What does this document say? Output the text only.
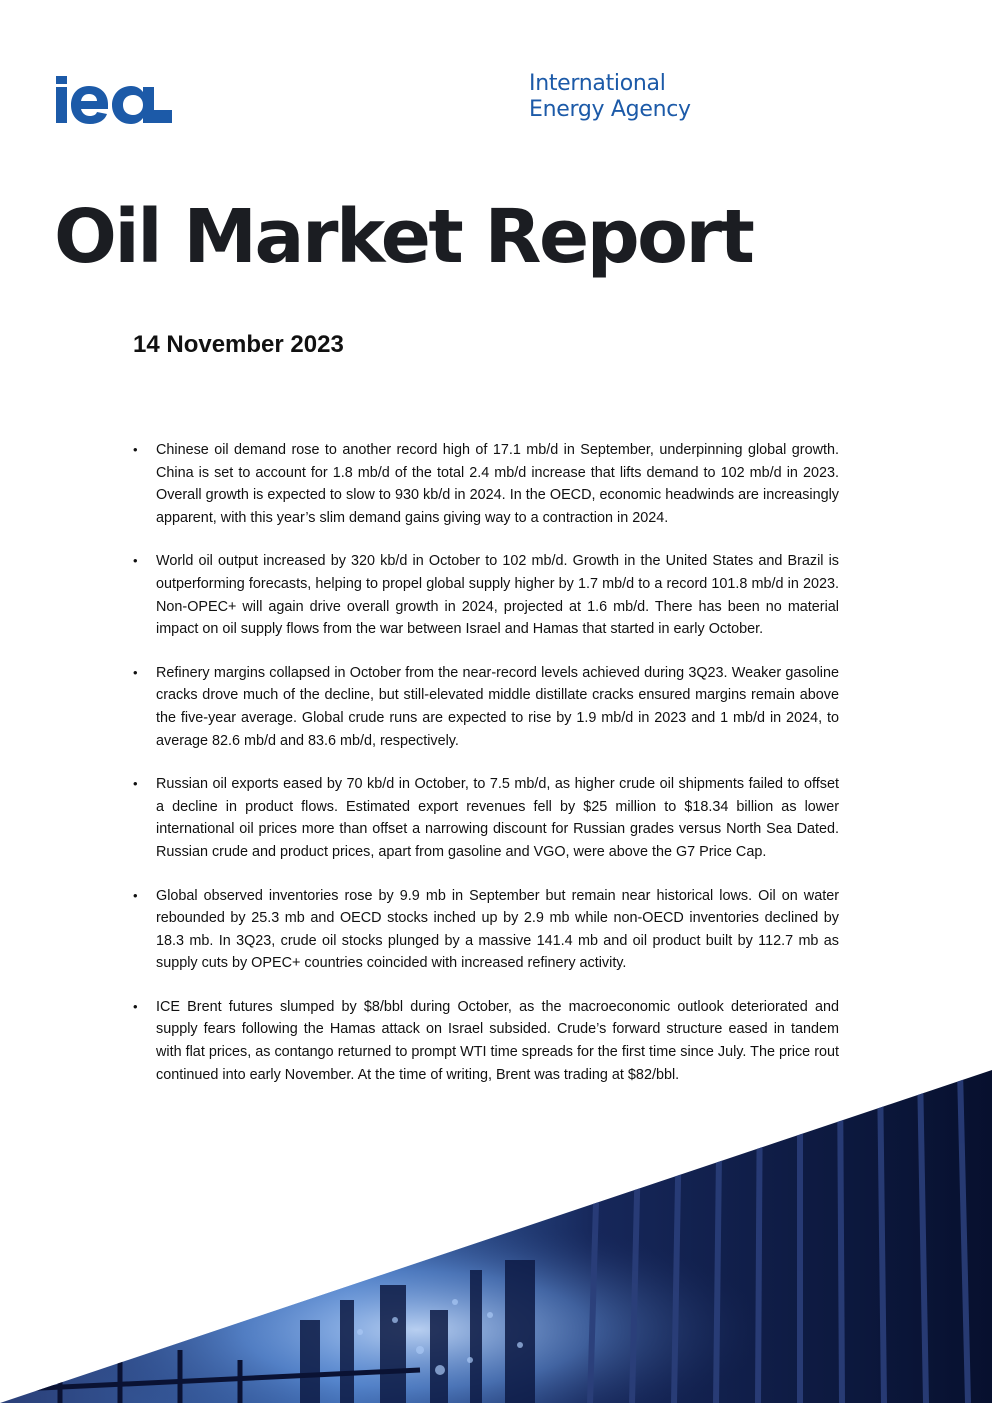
International
Energy Agency
Oil Market Report
14 November 2023
• Chinese oil demand rose to another record high of 17.1 mb/d in September, underpinning global growth. China is set to account for 1.8 mb/d of the total 2.4 mb/d increase that lifts demand to 102 mb/d in 2023. Overall growth is expected to slow to 930 kb/d in 2024. In the OECD, economic headwinds are increasingly apparent, with this year’s slim demand gains giving way to a contraction in 2024.
• World oil output increased by 320 kb/d in October to 102 mb/d. Growth in the United States and Brazil is outperforming forecasts, helping to propel global supply higher by 1.7 mb/d to a record 101.8 mb/d in 2023. Non-OPEC+ will again drive overall growth in 2024, projected at 1.6 mb/d. There has been no material impact on oil supply flows from the war between Israel and Hamas that started in early October.
• Refinery margins collapsed in October from the near-record levels achieved during 3Q23. Weaker gasoline cracks drove much of the decline, but still-elevated middle distillate cracks ensured margins remain above the five-year average. Global crude runs are expected to rise by 1.9 mb/d in 2023 and 1 mb/d in 2024, to average 82.6 mb/d and 83.6 mb/d, respectively.
• Russian oil exports eased by 70 kb/d in October, to 7.5 mb/d, as higher crude oil shipments failed to offset a decline in product flows. Estimated export revenues fell by $25 million to $18.34 billion as lower international oil prices more than offset a narrowing discount for Russian grades versus North Sea Dated. Russian crude and product prices, apart from gasoline and VGO, were above the G7 Price Cap.
• Global observed inventories rose by 9.9 mb in September but remain near historical lows. Oil on water rebounded by 25.3 mb and OECD stocks inched up by 2.9 mb while non-OECD inventories declined by 18.3 mb. In 3Q23, crude oil stocks plunged by a massive 141.4 mb and oil product built by 112.7 mb as supply cuts by OPEC+ countries coincided with increased refinery activity.
• ICE Brent futures slumped by $8/bbl during October, as the macroeconomic outlook deteriorated and supply fears following the Hamas attack on Israel subsided. Crude’s forward structure eased in tandem with flat prices, as contango returned to prompt WTI time spreads for the first time since July. The price rout continued into early November. At the time of writing, Brent was trading at $82/bbl.
